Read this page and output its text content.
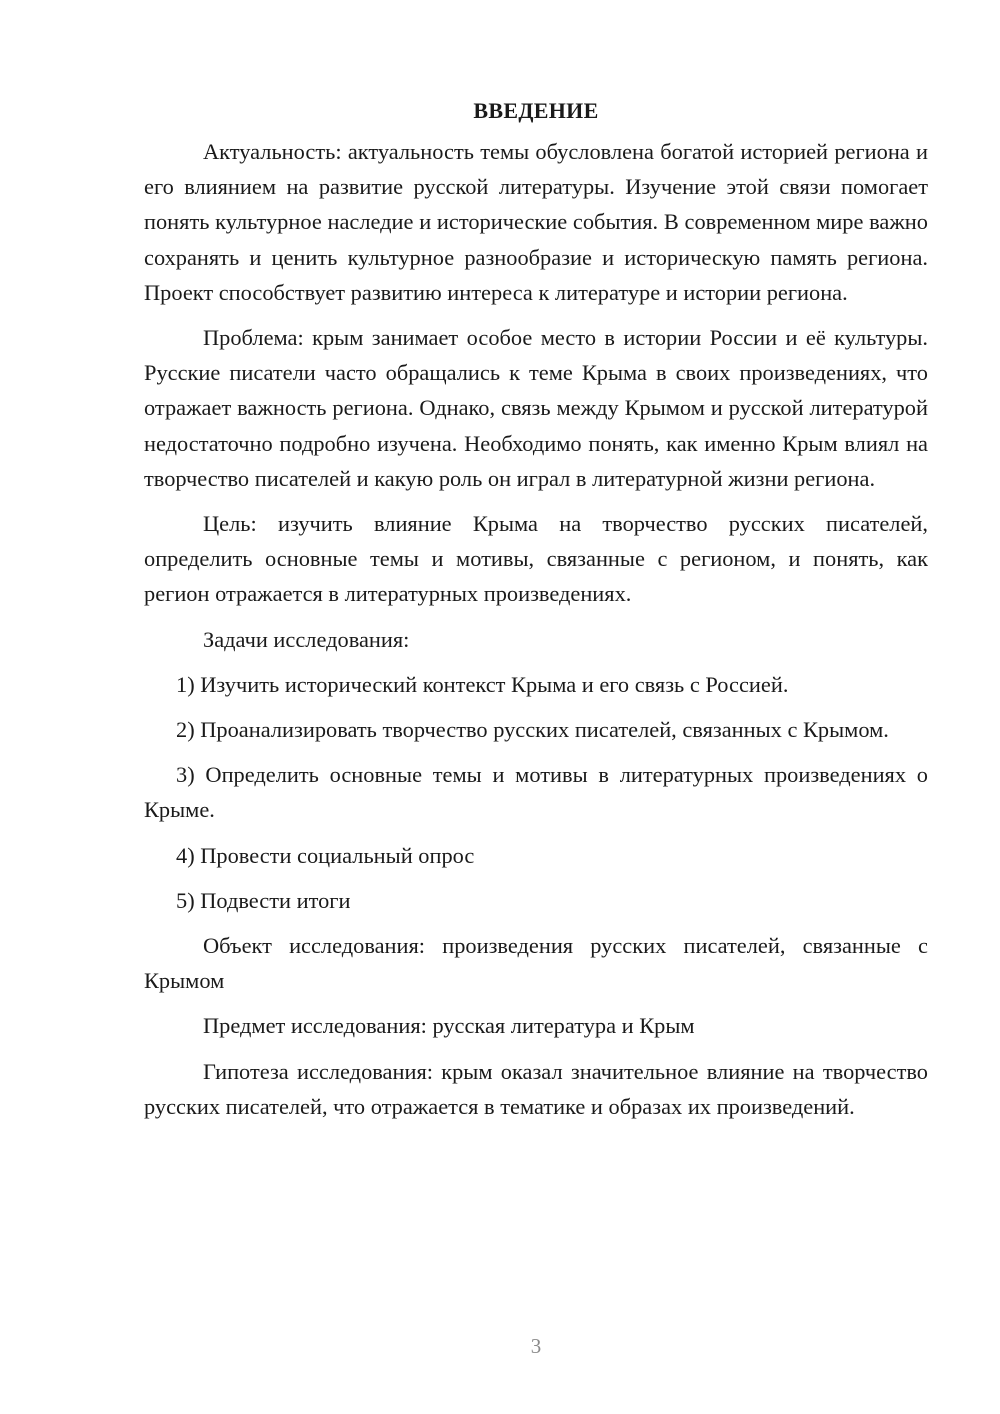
ВВЕДЕНИЕ

Актуальность: актуальность темы обусловлена богатой историей региона и его влиянием на развитие русской литературы. Изучение этой связи помогает понять культурное наследие и исторические события. В современном мире важно сохранять и ценить культурное разнообразие и историческую память региона. Проект способствует развитию интереса к литературе и истории региона.

Проблема: крым занимает особое место в истории России и её культуры. Русские писатели часто обращались к теме Крыма в своих произведениях, что отражает важность региона. Однако, связь между Крымом и русской литературой недостаточно подробно изучена. Необходимо понять, как именно Крым влиял на творчество писателей и какую роль он играл в литературной жизни региона.

Цель: изучить влияние Крыма на творчество русских писателей, определить основные темы и мотивы, связанные с регионом, и понять, как регион отражается в литературных произведениях.

Задачи исследования:

1) Изучить исторический контекст Крыма и его связь с Россией.

2) Проанализировать творчество русских писателей, связанных с Крымом.

3) Определить основные темы и мотивы в литературных произведениях о Крыме.

4) Провести социальный опрос

5) Подвести итоги

Объект исследования: произведения русских писателей, связанные с Крымом

Предмет исследования: русская литература и Крым

Гипотеза исследования: крым оказал значительное влияние на творчество русских писателей, что отражается в тематике и образах их произведений.

3
